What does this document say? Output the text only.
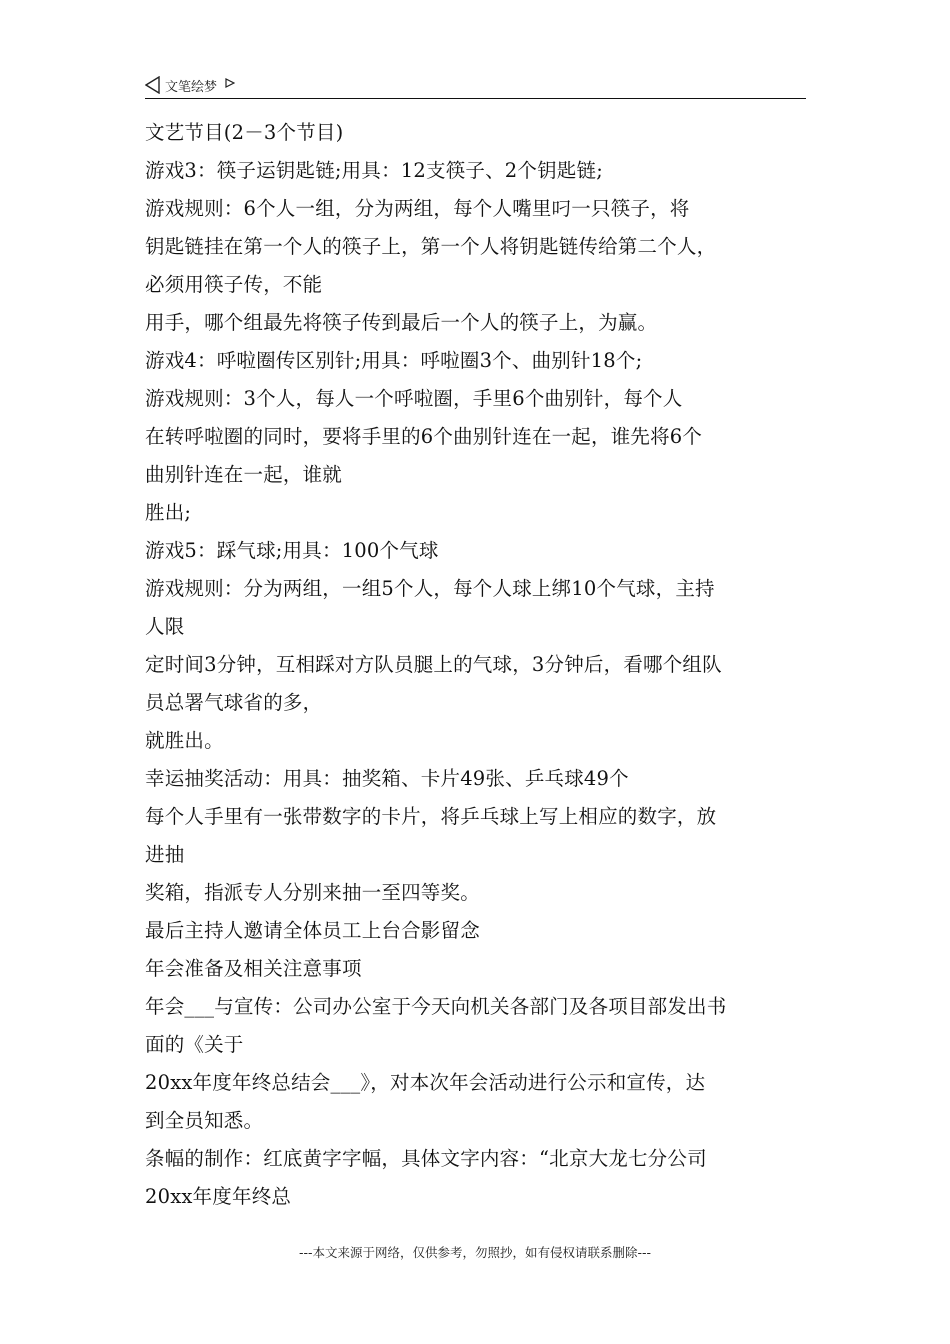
文笔绘梦
文艺节目(2－3个节目)
游戏3：筷子运钥匙链;用具：12支筷子、2个钥匙链;
游戏规则：6个人一组，分为两组，每个人嘴里叼一只筷子，将
钥匙链挂在第一个人的筷子上，第一个人将钥匙链传给第二个人，
必须用筷子传，不能
用手，哪个组最先将筷子传到最后一个人的筷子上，为赢。
游戏4：呼啦圈传区别针;用具：呼啦圈3个、曲别针18个;
游戏规则：3个人，每人一个呼啦圈，手里6个曲别针，每个人
在转呼啦圈的同时，要将手里的6个曲别针连在一起，谁先将6个
曲别针连在一起，谁就
胜出;
游戏5：踩气球;用具：100个气球
游戏规则：分为两组，一组5个人，每个人球上绑10个气球，主持
人限
定时间3分钟，互相踩对方队员腿上的气球，3分钟后，看哪个组队
员总署气球省的多，
就胜出。
幸运抽奖活动：用具：抽奖箱、卡片49张、乒乓球49个
每个人手里有一张带数字的卡片，将乒乓球上写上相应的数字，放
进抽
奖箱，指派专人分别来抽一至四等奖。
最后主持人邀请全体员工上台合影留念
年会准备及相关注意事项
年会___与宣传：公司办公室于今天向机关各部门及各项目部发出书
面的《关于
20xx年度年终总结会___》，对本次年会活动进行公示和宣传，达
到全员知悉。
条幅的制作：红底黄字字幅，具体文字内容：“北京大龙七分公司
20xx年度年终总
---本文来源于网络，仅供参考，勿照抄，如有侵权请联系删除---
